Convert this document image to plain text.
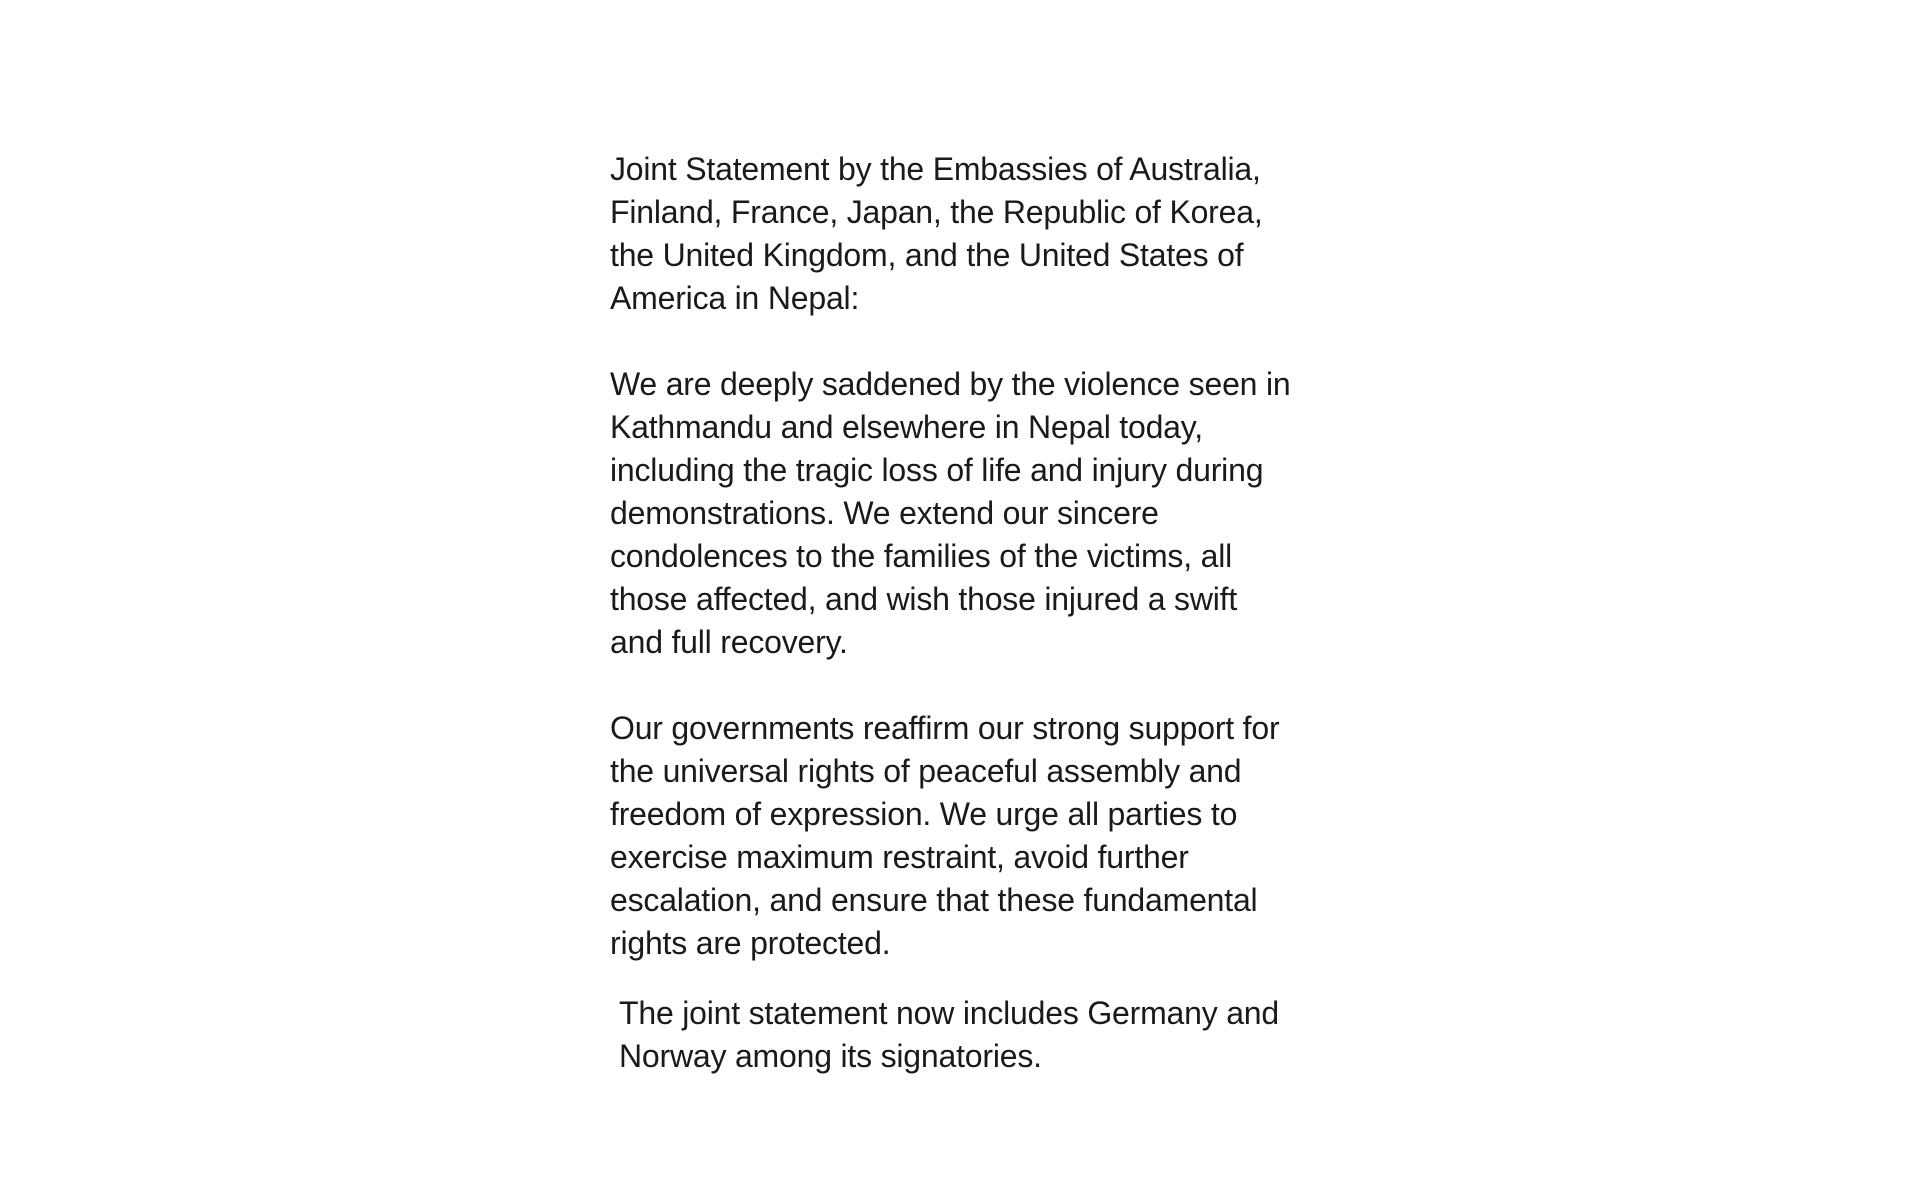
Joint Statement by the Embassies of Australia, Finland, France, Japan, the Republic of Korea, the United Kingdom, and the United States of America in Nepal:

We are deeply saddened by the violence seen in Kathmandu and elsewhere in Nepal today, including the tragic loss of life and injury during demonstrations. We extend our sincere condolences to the families of the victims, all those affected, and wish those injured a swift and full recovery.

Our governments reaffirm our strong support for the universal rights of peaceful assembly and freedom of expression. We urge all parties to exercise maximum restraint, avoid further escalation, and ensure that these fundamental rights are protected.

The joint statement now includes Germany and Norway among its signatories.
